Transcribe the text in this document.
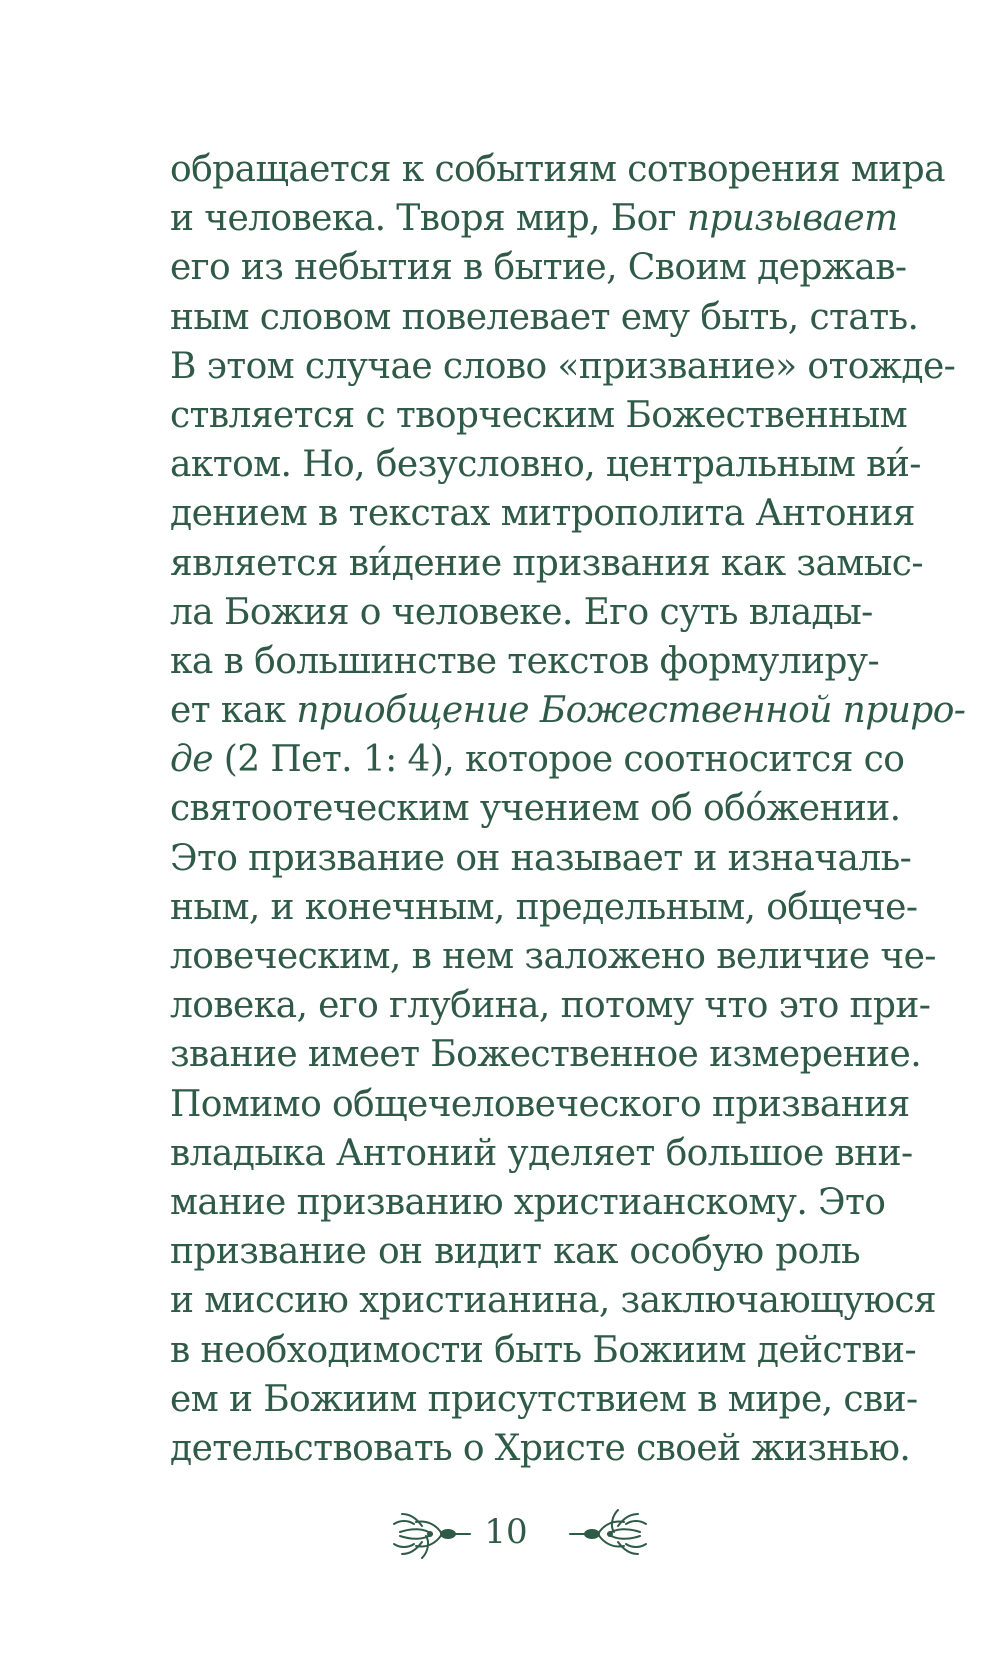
обращается к событиям сотворения мира
и человека. Творя мир, Бог призывает
его из небытия в бытие, Своим держав-
ным словом повелевает ему быть, стать.
В этом случае слово «призвание» отожде-
ствляется с творческим Божественным
актом. Но, безусловно, центральным ви́-
дением в текстах митрополита Антония
является ви́дение призвания как замыс-
ла Божия о человеке. Его суть влады-
ка в большинстве текстов формулиру-
ет как приобщение Божественной приро-
де (2 Пет. 1: 4), которое соотносится со
святоотеческим учением об обо́жении.
Это призвание он называет и изначаль-
ным, и конечным, предельным, общече-
ловеческим, в нем заложено величие че-
ловека, его глубина, потому что это при-
звание имеет Божественное измерение.
Помимо общечеловеческого призвания
владыка Антоний уделяет большое вни-
мание призванию христианскому. Это
призвание он видит как особую роль
и миссию христианина, заключающуюся
в необходимости быть Божиим действи-
ем и Божиим присутствием в мире, сви-
детельствовать о Христе своей жизнью.
10
